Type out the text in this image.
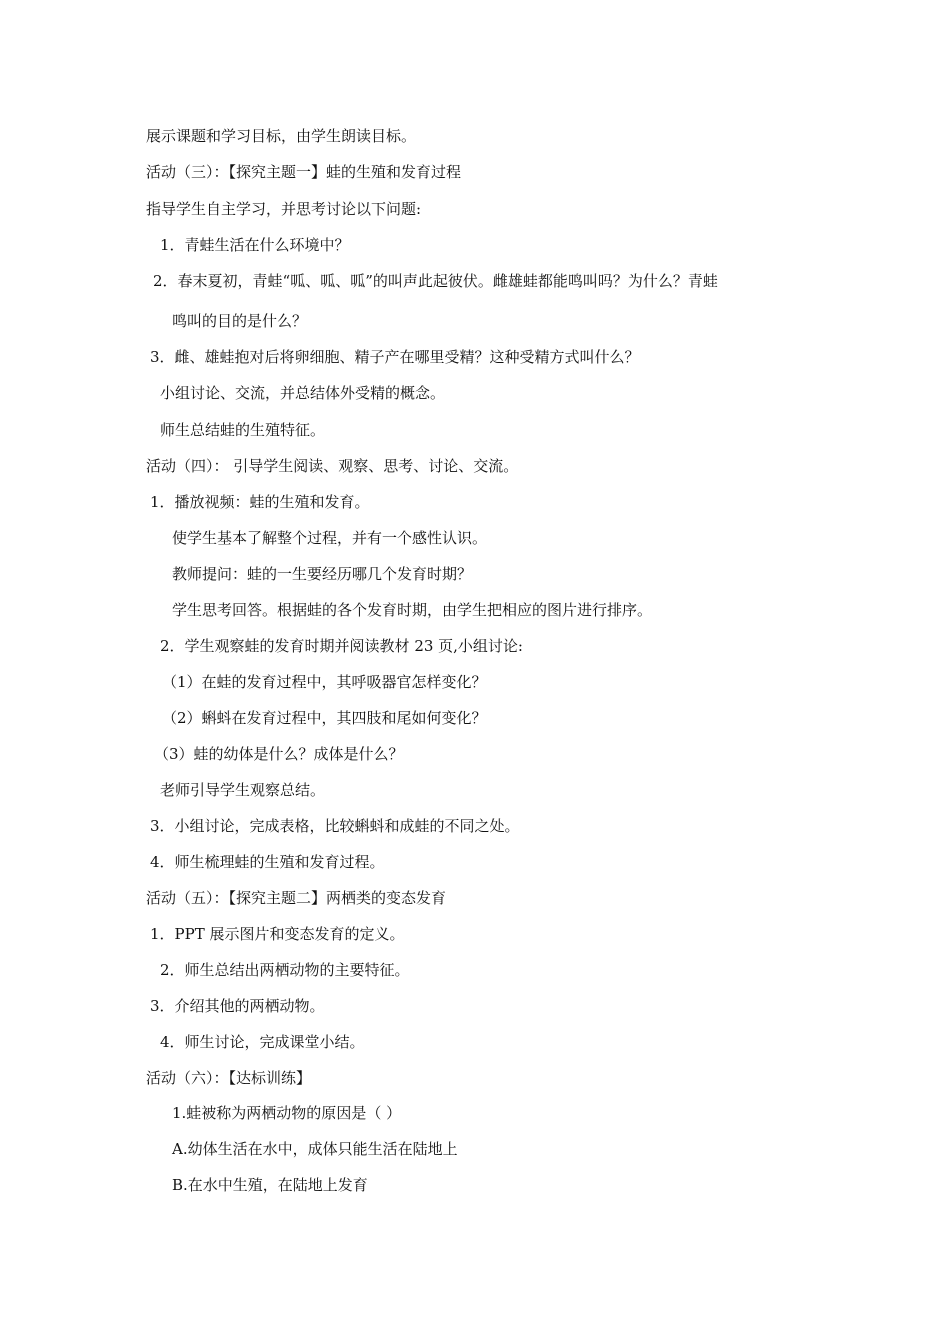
展示课题和学习目标，由学生朗读目标。
活动（三）：【探究主题一】蛙的生殖和发育过程
指导学生自主学习，并思考讨论以下问题:
1．青蛙生活在什么环境中？
2．春末夏初，青蛙“呱、呱、呱”的叫声此起彼伏。雌雄蛙都能鸣叫吗？为什么？青蛙
鸣叫的目的是什么？
3．雌、雄蛙抱对后将卵细胞、精子产在哪里受精？这种受精方式叫什么？
小组讨论、交流，并总结体外受精的概念。
师生总结蛙的生殖特征。
活动（四）： 引导学生阅读、观察、思考、讨论、交流。
1．播放视频：蛙的生殖和发育。
使学生基本了解整个过程，并有一个感性认识。
教师提问：蛙的一生要经历哪几个发育时期？
学生思考回答。根据蛙的各个发育时期，由学生把相应的图片进行排序。
2．学生观察蛙的发育时期并阅读教材 23 页,小组讨论:
（1）在蛙的发育过程中，其呼吸器官怎样变化？
（2）蝌蚪在发育过程中，其四肢和尾如何变化？
（3）蛙的幼体是什么？成体是什么？
老师引导学生观察总结。
3．小组讨论，完成表格，比较蝌蚪和成蛙的不同之处。
4．师生梳理蛙的生殖和发育过程。
活动（五）：【探究主题二】两栖类的变态发育
1．PPT 展示图片和变态发育的定义。
2．师生总结出两栖动物的主要特征。
3．介绍其他的两栖动物。
4．师生讨论，完成课堂小结。
活动（六）：【达标训练】
1.蛙被称为两栖动物的原因是（ ）
A.幼体生活在水中，成体只能生活在陆地上
B.在水中生殖，在陆地上发育
